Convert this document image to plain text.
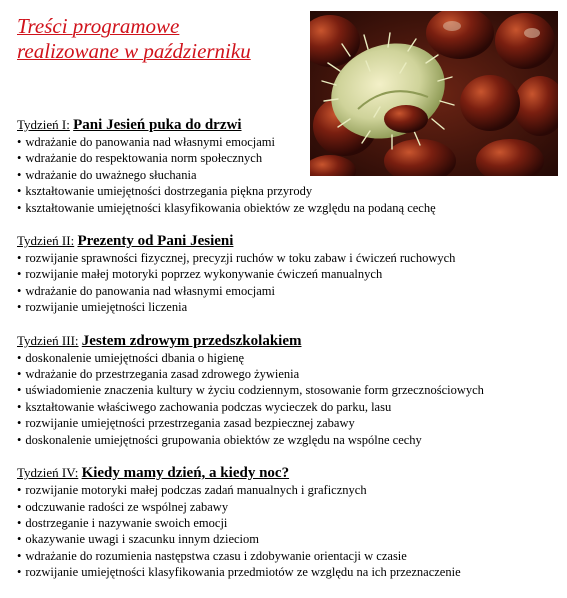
Treści programowe
realizowane w październiku
Tydzień I: Pani Jesień puka do drzwi
• wdrażanie do panowania nad własnymi emocjami
• wdrażanie do respektowania norm społecznych
• wdrażanie do uważnego słuchania
• kształtowanie umiejętności dostrzegania piękna przyrody
• kształtowanie umiejętności klasyfikowania obiektów ze względu na podaną cechę
Tydzień II: Prezenty od Pani Jesieni
• rozwijanie sprawności fizycznej, precyzji ruchów w toku zabaw i ćwiczeń ruchowych
• rozwijanie małej motoryki poprzez wykonywanie ćwiczeń manualnych
• wdrażanie do panowania nad własnymi emocjami
• rozwijanie umiejętności liczenia
Tydzień III: Jestem zdrowym przedszkolakiem
• doskonalenie umiejętności dbania o higienę
• wdrażanie do przestrzegania zasad zdrowego żywienia
• uświadomienie znaczenia kultury w życiu codziennym, stosowanie form grzecznościowych
• kształtowanie właściwego zachowania podczas wycieczek do parku, lasu
• rozwijanie umiejętności przestrzegania zasad bezpiecznej zabawy
• doskonalenie umiejętności grupowania obiektów ze względu na wspólne cechy
Tydzień IV: Kiedy mamy dzień, a kiedy noc?
• rozwijanie motoryki małej podczas zadań manualnych i graficznych
• odczuwanie radości ze wspólnej zabawy
• dostrzeganie i nazywanie swoich emocji
• okazywanie uwagi i szacunku innym dzieciom
• wdrażanie do rozumienia następstwa czasu i zdobywanie orientacji w czasie
• rozwijanie umiejętności klasyfikowania przedmiotów ze względu na ich przeznaczenie
